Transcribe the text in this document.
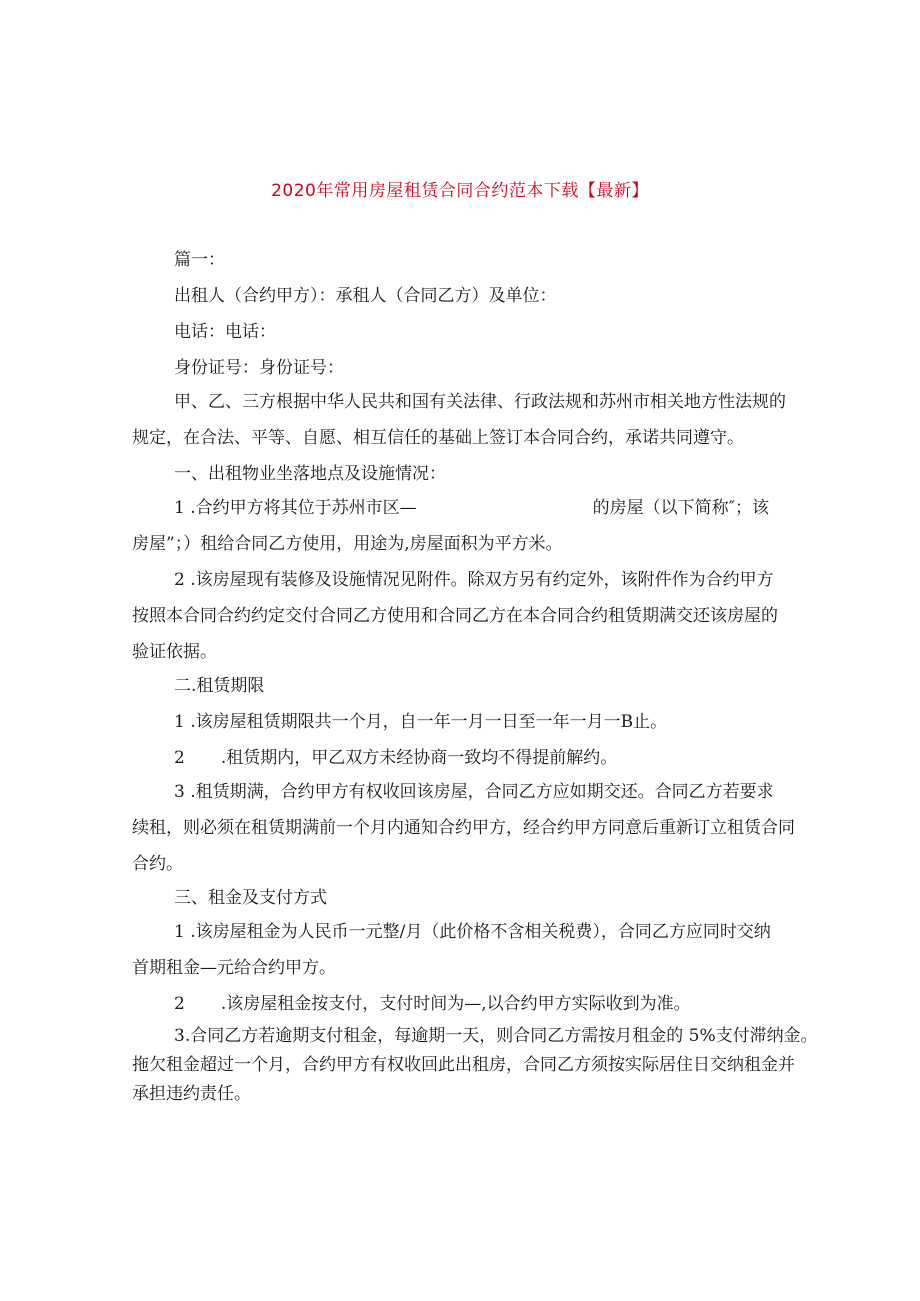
2020年常用房屋租赁合同合约范本下载【最新】

篇一：

出租人（合约甲方）：承租人（合同乙方）及单位：

电话：电话：

身份证号：身份证号：

甲、乙、三方根据中华人民共和国有关法律、行政法规和苏州市相关地方性法规的
规定，在合法、平等、自愿、相互信任的基础上签订本合同合约，承诺共同遵守。

一、出租物业坐落地点及设施情况：

1 .合约甲方将其位于苏州市区—	的房屋（以下简称″；该
房屋”；）租给合同乙方使用，用途为,房屋面积为平方米。
2 .该房屋现有装修及设施情况见附件。除双方另有约定外，该附件作为合约甲方
按照本合同合约约定交付合同乙方使用和合同乙方在本合同合约租赁期满交还该房屋的
验证依据。

二.租赁期限

1 .该房屋租赁期限共一个月，自一年一月一日至一年一月一B止。

2 .租赁期内，甲乙双方未经协商一致均不得提前解约。

3 .租赁期满，合约甲方有权收回该房屋，合同乙方应如期交还。合同乙方若要求
续租，则必须在租赁期满前一个月内通知合约甲方，经合约甲方同意后重新订立租赁合同
合约。

三、租金及支付方式

1 .该房屋租金为人民币一元整/月（此价格不含相关税费），合同乙方应同时交纳
首期租金—元给合约甲方。

2 .该房屋租金按支付，支付时间为—,以合约甲方实际收到为准。

3.合同乙方若逾期支付租金，每逾期一天，则合同乙方需按月租金的 5%支付滞纳金。
拖欠租金超过一个月，合约甲方有权收回此出租房，合同乙方须按实际居住日交纳租金并
承担违约责任。
